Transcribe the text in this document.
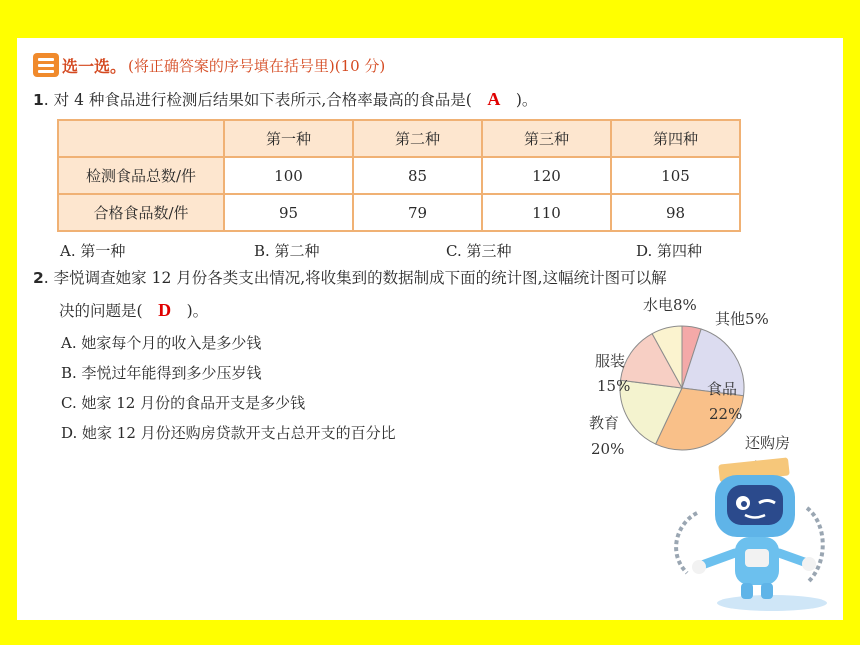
选一选。 (将正确答案的序号填在括号里)(10 分)
1. 对 4 种食品进行检测后结果如下表所示,合格率最高的食品是( A )。
	第一种	第二种	第三种	第四种
检测食品总数/件	100	85	120	105
合格食品数/件	95	79	110	98
A. 第一种	B. 第二种	C. 第三种	D. 第四种
2. 李悦调查她家 12 月份各类支出情况,将收集到的数据制成下面的统计图,这幅统计图可以解
决的问题是( D )。
A. 她家每个月的收入是多少钱
B. 李悦过年能得到多少压岁钱
C. 她家 12 月份的食品开支是多少钱
D. 她家 12 月份还购房贷款开支占总开支的百分比
水电8%
其他5%
服装
15%	食品
22%
教育
20%	还购房
